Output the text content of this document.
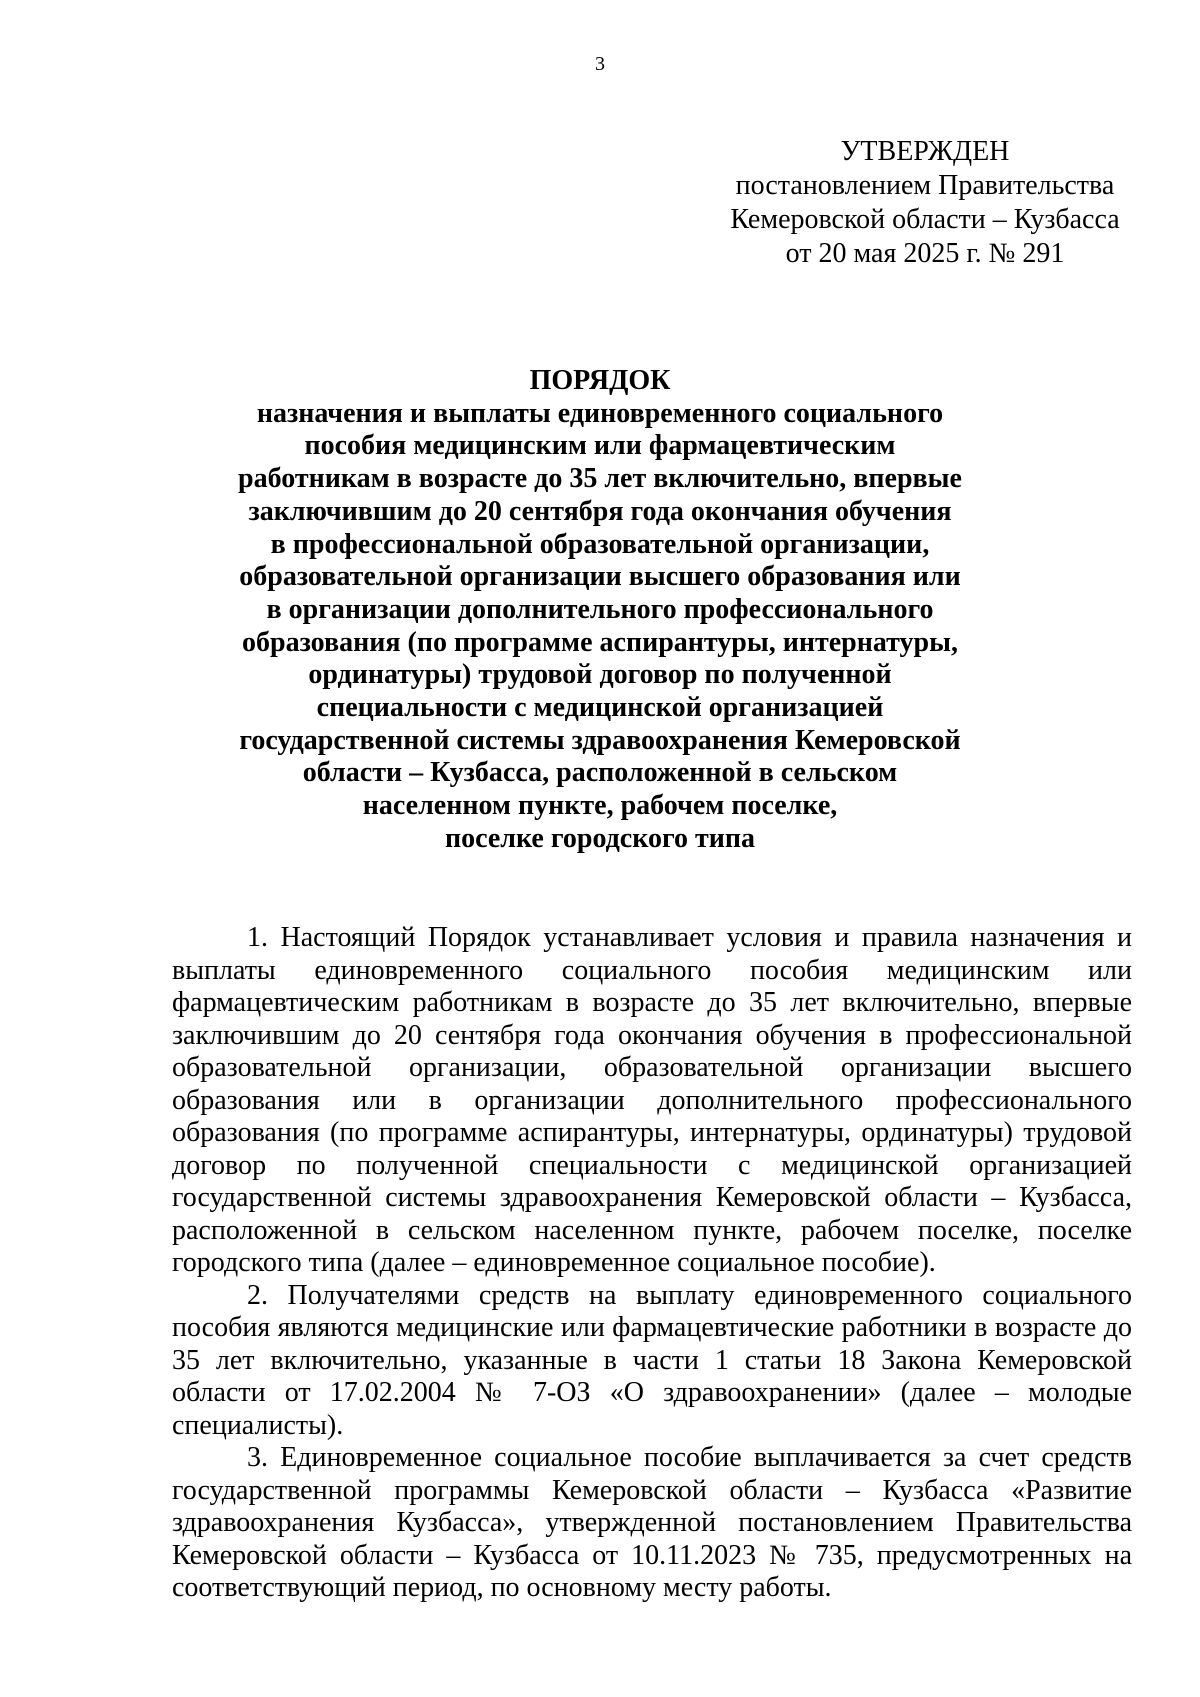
3
УТВЕРЖДЕН
постановлением Правительства
Кемеровской области – Кузбасса
от 20 мая 2025 г. № 291
ПОРЯДОК
назначения и выплаты единовременного социального
пособия медицинским или фармацевтическим
работникам в возрасте до 35 лет включительно, впервые
заключившим до 20 сентября года окончания обучения
в профессиональной образовательной организации,
образовательной организации высшего образования или
в организации дополнительного профессионального
образования (по программе аспирантуры, интернатуры,
ординатуры) трудовой договор по полученной
специальности с медицинской организацией
государственной системы здравоохранения Кемеровской
области – Кузбасса, расположенной в сельском
населенном пункте, рабочем поселке,
поселке городского типа

1. Настоящий Порядок устанавливает условия и правила назначения и выплаты единовременного социального пособия медицинским или фармацевтическим работникам в возрасте до 35 лет включительно, впервые заключившим до 20 сентября года окончания обучения в профессиональной образовательной организации, образовательной организации высшего образования или в организации дополнительного профессионального образования (по программе аспирантуры, интернатуры, ординатуры) трудовой договор по полученной специальности с медицинской организацией государственной системы здравоохранения Кемеровской области – Кузбасса, расположенной в сельском населенном пункте, рабочем поселке, поселке городского типа (далее – единовременное социальное пособие).

2. Получателями средств на выплату единовременного социального пособия являются медицинские или фармацевтические работники в возрасте до 35 лет включительно, указанные в части 1 статьи 18 Закона Кемеровской области от 17.02.2004 № 7-ОЗ «О здравоохранении» (далее – молодые специалисты).

3. Единовременное социальное пособие выплачивается за счет средств государственной программы Кемеровской области – Кузбасса «Развитие здравоохранения Кузбасса», утвержденной постановлением Правительства Кемеровской области – Кузбасса от 10.11.2023 № 735, предусмотренных на соответствующий период, по основному месту работы.
